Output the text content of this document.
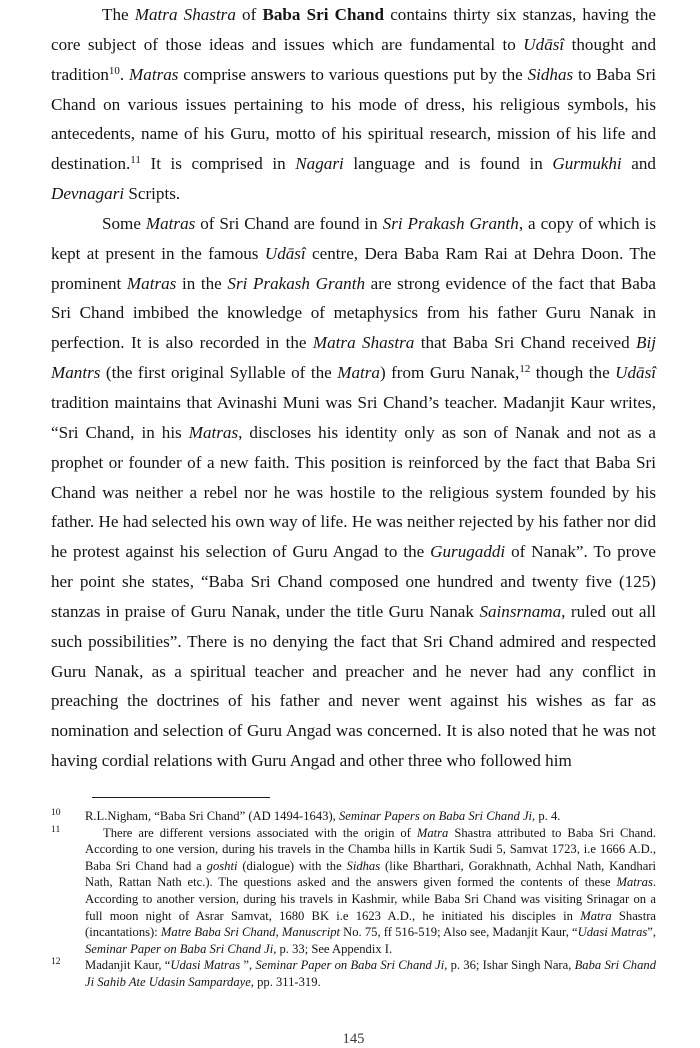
The Matra Shastra of Baba Sri Chand contains thirty six stanzas, having the core subject of those ideas and issues which are fundamental to Udāsî thought and tradition$^{10}$. Matras comprise answers to various questions put by the Sidhas to Baba Sri Chand on various issues pertaining to his mode of dress, his religious symbols, his antecedents, name of his Guru, motto of his spiritual research, mission of his life and destination.$^{11}$ It is comprised in Nagari language and is found in Gurmukhi and Devnagari Scripts.

Some Matras of Sri Chand are found in Sri Prakash Granth, a copy of which is kept at present in the famous Udāsî centre, Dera Baba Ram Rai at Dehra Doon. The prominent Matras in the Sri Prakash Granth are strong evidence of the fact that Baba Sri Chand imbibed the knowledge of metaphysics from his father Guru Nanak in perfection. It is also recorded in the Matra Shastra that Baba Sri Chand received Bij Mantrs (the first original Syllable of the Matra) from Guru Nanak,$^{12}$ though the Udāsî tradition maintains that Avinashi Muni was Sri Chand’s teacher. Madanjit Kaur writes, “Sri Chand, in his Matras, discloses his identity only as son of Nanak and not as a prophet or founder of a new faith. This position is reinforced by the fact that Baba Sri Chand was neither a rebel nor he was hostile to the religious system founded by his father. He had selected his own way of life. He was neither rejected by his father nor did he protest against his selection of Guru Angad to the Gurugaddi of Nanak”. To prove her point she states, “Baba Sri Chand composed one hundred and twenty five (125) stanzas in praise of Guru Nanak, under the title Guru Nanak Sainsrnama, ruled out all such possibilities”. There is no denying the fact that Sri Chand admired and respected Guru Nanak, as a spiritual teacher and preacher and he never had any conflict in preaching the doctrines of his father and never went against his wishes as far as nomination and selection of Guru Angad was concerned. It is also noted that he was not having cordial relations with Guru Angad and other three who followed him

10	R.L.Nigham, “Baba Sri Chand” (AD 1494-1643), Seminar Papers on Baba Sri Chand Ji, p. 4.
11	There are different versions associated with the origin of Matra Shastra attributed to Baba Sri Chand. According to one version, during his travels in the Chamba hills in Kartik Sudi 5, Samvat 1723, i.e 1666 A.D., Baba Sri Chand had a goshti (dialogue) with the Sidhas (like Bharthari, Gorakhnath, Achhal Nath, Kandhari Nath, Rattan Nath etc.). The questions asked and the answers given formed the contents of these Matras. According to another version, during his travels in Kashmir, while Baba Sri Chand was visiting Srinagar on a full moon night of Asrar Samvat, 1680 BK i.e 1623 A.D., he initiated his disciples in Matra Shastra (incantations): Matre Baba Sri Chand, Manuscript No. 75, ff 516-519; Also see, Madanjit Kaur, “Udasi Matras”, Seminar Paper on Baba Sri Chand Ji, p. 33; See Appendix I.
12	Madanjit Kaur, “Udasi Matras ”, Seminar Paper on Baba Sri Chand Ji, p. 36; Ishar Singh Nara, Baba Sri Chand Ji Sahib Ate Udasin Sampardaye, pp. 311-319.
145
